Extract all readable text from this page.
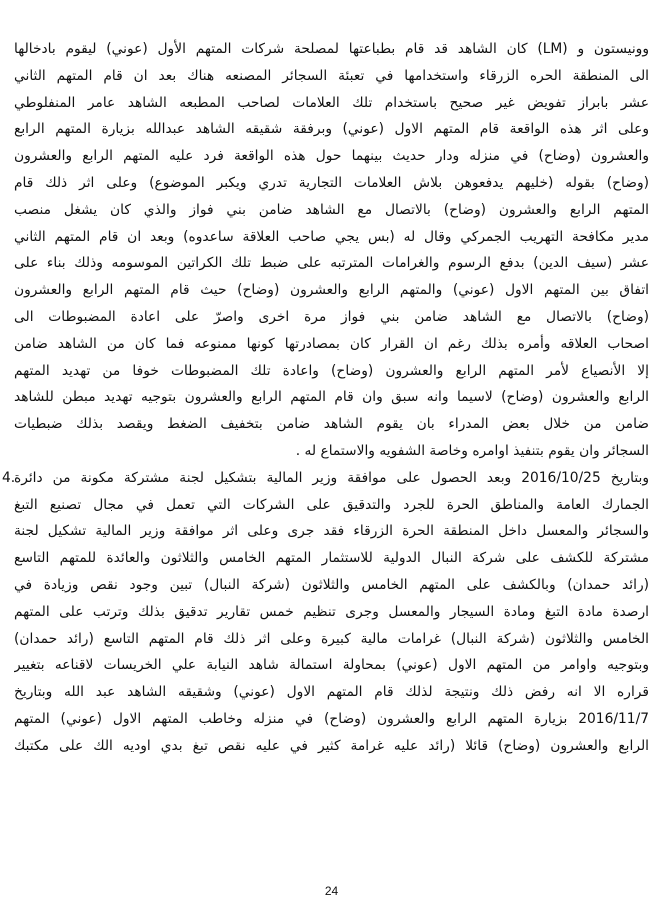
وونيستون و (LM) كان الشاهد قد قام بطباعتها لمصلحة شركات المتهم الأول (عوني) ليقوم بادخالها
الى المنطقة الحره الزرقاء واستخدامها في تعبئة السجائر المصنعه هناك بعد ان قام المتهم الثاني
عشر بابراز تفويض غير صحيح باستخدام تلك العلامات لصاحب المطبعه الشاهد عامر المنفلوطي
وعلى اثر هذه الواقعة قام المتهم الاول (عوني) وبرفقة شقيقه الشاهد عبدالله بزيارة المتهم الرابع
والعشرون (وضاح) في منزله ودار حديث بينهما حول هذه الواقعة فرد عليه المتهم الرابع والعشرون
(وضاح) بقوله (خليهم يدفعوهن بلاش العلامات التجارية تدري ويكبر الموضوع) وعلى اثر ذلك قام
المتهم الرابع والعشرون (وضاح) بالاتصال مع الشاهد ضامن بني فواز والذي كان يشغل منصب
مدير مكافحة التهريب الجمركي وقال له (بس يجي صاحب العلاقة ساعدوه) وبعد ان قام المتهم الثاني
عشر (سيف الدين) بدفع الرسوم والغرامات المترتبه على ضبط تلك الكراتين الموسومه وذلك بناء على
اتفاق بين المتهم الاول (عوني) والمتهم الرابع والعشرون (وضاح) حيث قام المتهم الرابع والعشرون
(وضاح) بالاتصال مع الشاهد ضامن بني فواز مرة اخرى واصرّ على اعادة المضبوطات الى
اصحاب العلاقه وأمره بذلك رغم ان القرار كان بمصادرتها كونها ممنوعه فما كان من الشاهد ضامن
إلا الأنصياع لأمر المتهم الرابع والعشرون (وضاح) واعادة تلك المضبوطات خوفا من تهديد المتهم
الرابع والعشرون (وضاح) لاسيما وانه سبق وان قام المتهم الرابع والعشرون بتوجيه تهديد مبطن للشاهد
ضامن من خلال بعض المدراء بان يقوم الشاهد ضامن بتخفيف الضغط ويقصد بذلك ضبطيات
السجائر وان يقوم بتنفيذ اوامره وخاصة الشفويه والاستماع له .
4.
وبتاريخ 2016/10/25 وبعد الحصول على موافقة وزير المالية بتشكيل لجنة مشتركة مكونة من دائرة
الجمارك العامة والمناطق الحرة للجرد والتدقيق على الشركات التي تعمل في مجال تصنيع التبغ
والسجائر والمعسل داخل المنطقة الحرة الزرقاء فقد جرى وعلى اثر موافقة وزير المالية تشكيل لجنة
مشتركة للكشف على شركة النبال الدولية للاستثمار المتهم الخامس والثلاثون والعائدة للمتهم التاسع
(رائد حمدان) وبالكشف على المتهم الخامس والثلاثون (شركة النبال) تبين وجود نقص وزيادة في
ارصدة مادة التبغ ومادة السيجار والمعسل وجرى تنظيم خمس تقارير تدقيق بذلك وترتب على المتهم
الخامس والثلاثون (شركة النبال) غرامات مالية كبيرة وعلى اثر ذلك قام المتهم التاسع (رائد حمدان)
وبتوجيه واوامر من المتهم الاول (عوني) بمحاولة استمالة شاهد النيابة علي الخريسات لاقناعه بتغيير
قراره الا انه رفض ذلك ونتيجة لذلك قام المتهم الاول (عوني) وشقيقه الشاهد عبد الله وبتاريخ
2016/11/7 بزيارة المتهم الرابع والعشرون (وضاح) في منزله وخاطب المتهم الاول (عوني) المتهم
الرابع والعشرون (وضاح) قائلا (رائد عليه غرامة كثير في عليه نقص تبغ بدي اوديه الك على مكتبك
24
